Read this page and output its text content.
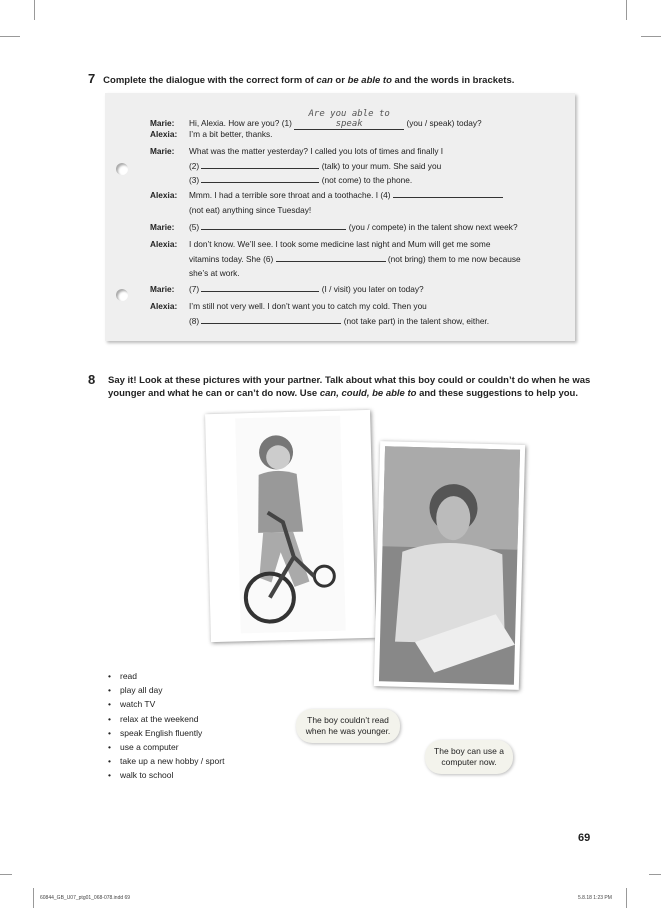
7 Complete the dialogue with the correct form of can or be able to and the words in brackets.
Marie: Hi, Alexia. How are you? (1) Are you able to speak	(you / speak) today?
Alexia: I’m a bit better, thanks.
Marie: What was the matter yesterday? I called you lots of times and finally I
(2)	(talk) to your mum. She said you
(3)	(not come) to the phone.
Alexia: Mmm. I had a terrible sore throat and a toothache. I (4)
(not eat) anything since Tuesday!
Marie: (5)	(you / compete) in the talent show next week?
Alexia: I don’t know. We’ll see. I took some medicine last night and Mum will get me some
vitamins today. She (6)	(not bring) them to me now because
she’s at work.
Marie: (7)	(I / visit) you later on today?
Alexia: I’m still not very well. I don’t want you to catch my cold. Then you
(8)	(not take part) in the talent show, either.
8 Say it! Look at these pictures with your partner. Talk about what this boy could or couldn’t do when he was younger and what he can or can’t do now. Use can, could, be able to and these suggestions to help you.
• read
• play all day
• watch TV
• relax at the weekend
• speak English fluently
• use a computer
• take up a new hobby / sport
• walk to school
The boy couldn’t read when he was younger.
The boy can use a computer now.
69
60844_GB_U07_ptg01_068-078.indd 69	5.8.18 1:23 PM
